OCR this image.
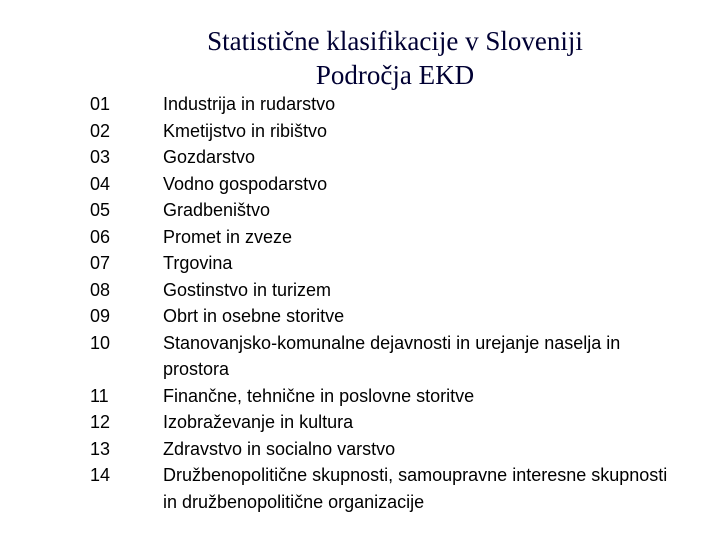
Statistične klasifikacije v Sloveniji
Področja EKD
01	Industrija in rudarstvo
02	Kmetijstvo in ribištvo
03	Gozdarstvo
04	Vodno gospodarstvo
05	Gradbeništvo
06	Promet in zveze
07	Trgovina
08	Gostinstvo in turizem
09	Obrt in osebne storitve
10	Stanovanjsko-komunalne dejavnosti in urejanje naselja in prostora
11	Finančne, tehnične in poslovne storitve
12	Izobraževanje in kultura
13	Zdravstvo in socialno varstvo
14	Družbenopolitične skupnosti, samoupravne interesne skupnosti in družbenopolitične organizacije
